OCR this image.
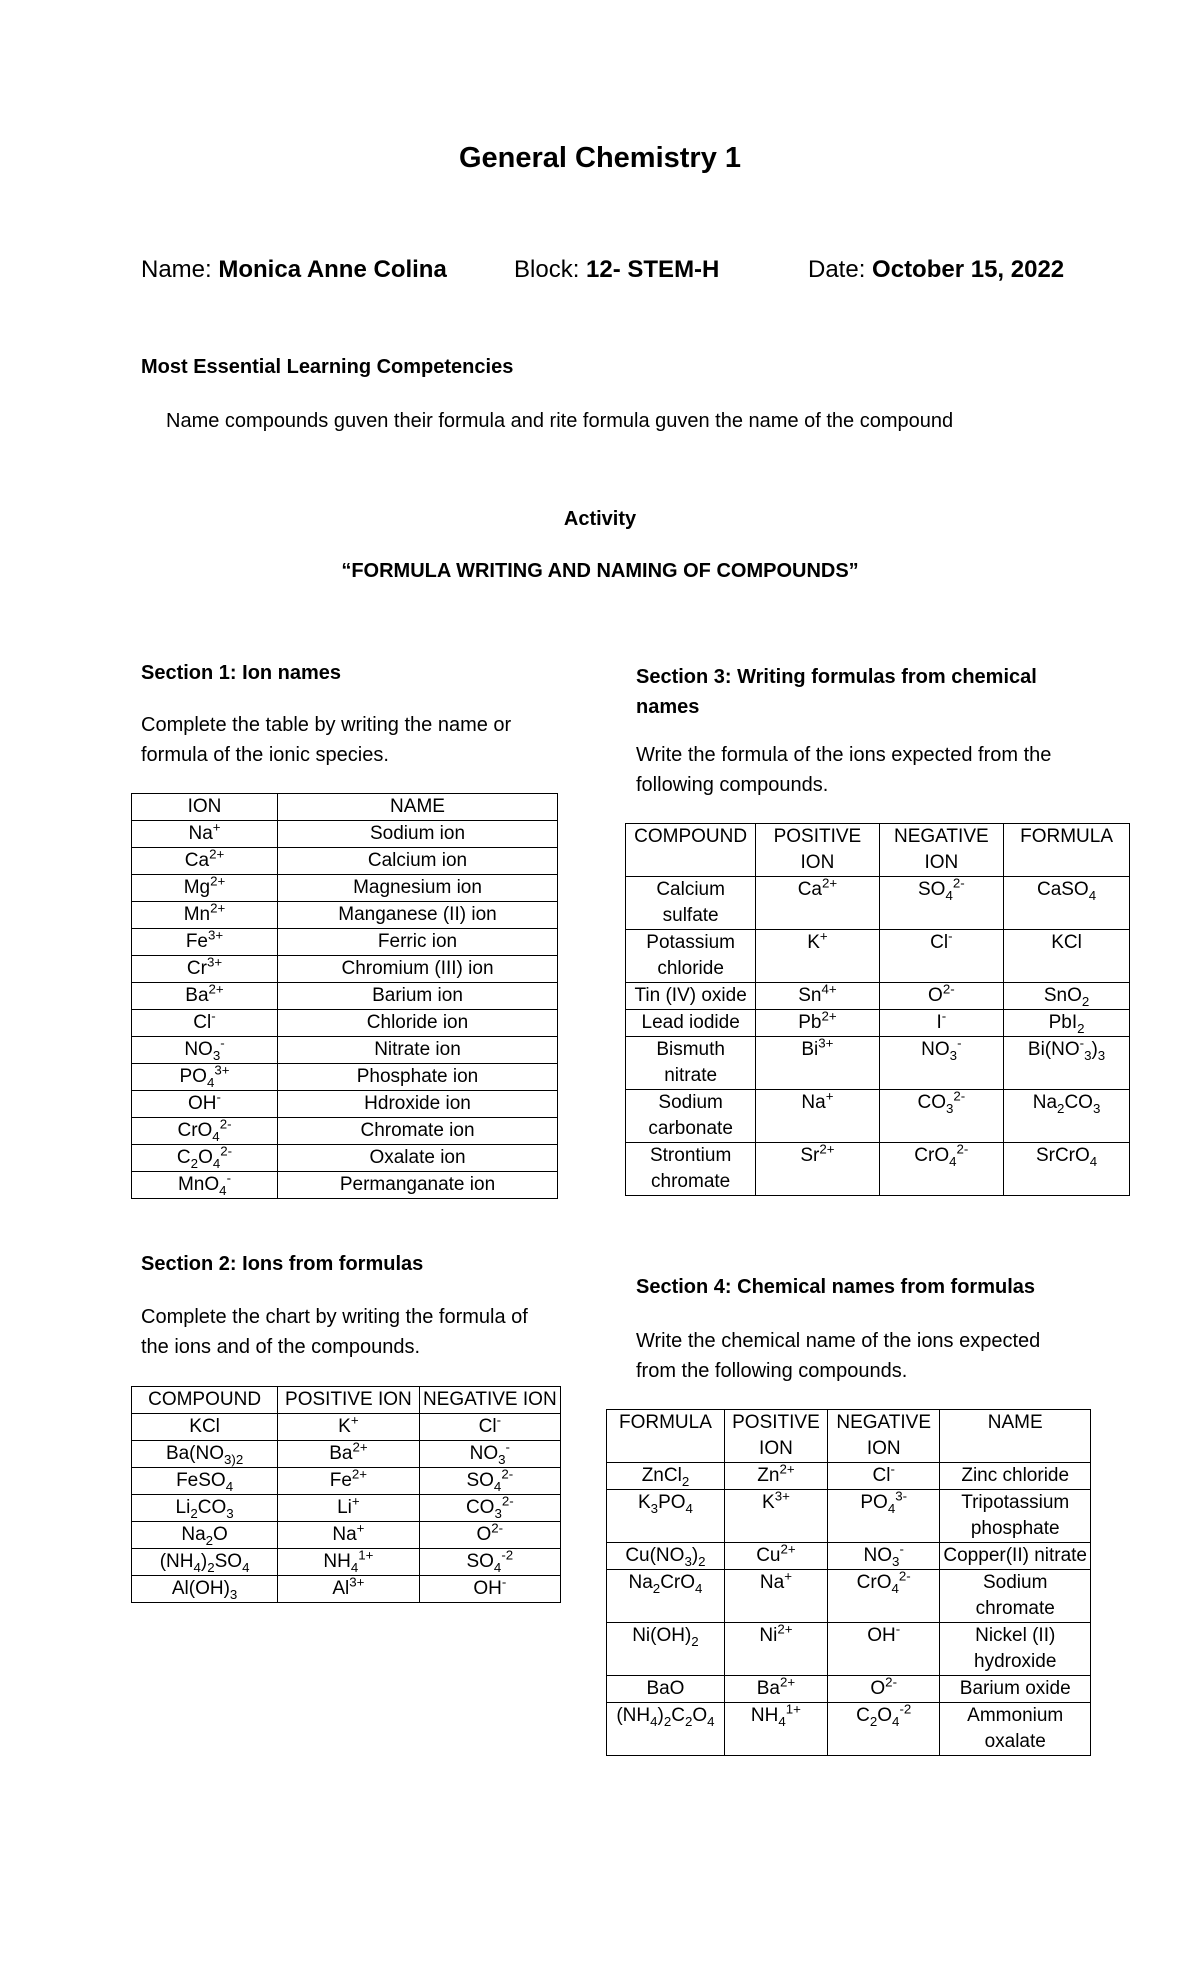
General Chemistry 1
Name: Monica Anne Colina	Block: 12- STEM-H	Date: October 15, 2022
Most Essential Learning Competencies
Name compounds guven their formula and rite formula guven the name of the compound
Activity
“FORMULA WRITING AND NAMING OF COMPOUNDS”
Section 1: Ion names
Complete the table by writing the name or formula of the ionic species.
ION	NAME
Na+	Sodium ion
$Ca^{2+}$	Calcium ion
$Mg^{2+}$	Magnesium ion
$Mn^{2+}$	Manganese (II) ion
$Fe^{3+}$	Ferric ion
$Cr^{3+}$	Chromium (III) ion
$Ba^{2+}$	Barium ion
Cl-	Chloride ion
$NO_3^-$	Nitrate ion
$PO_4^{3+}$	Phosphate ion
OH-	Hdroxide ion
CrO$_4^{2-}$	Chromate ion
$C_2O_4^{2-}$	Oxalate ion
MnO$_4$-	Permanganate ion
Section 2: Ions from formulas
Complete the chart by writing the formula of the ions and of the compounds.
COMPOUND	POSITIVE ION	NEGATIVE ION
KCl	K+	Cl-
$Ba(NO_{3)2}$	$Ba^{2+}$	$NO_3^-$
FeSO$_4$	$Fe^{2+}$	$SO_4^{2-}$
$Li_2CO_3$	Li+	$CO_3^{2-}$
$Na_2O$	Na+	$O^{2-}$
$(NH_4)_2SO_4$	$NH_4^{1+}$	$SO_4^{-2}$
$Al(OH)_3$	$Al^{3+}$	OH-
Section 3: Writing formulas from chemical names
Write the formula of the ions expected from the following compounds.
COMPOUND	POSITIVE ION	NEGATIVE ION	FORMULA
Calcium sulfate	$Ca^{2+}$	$SO_4^{2-}$	CaSO$_4$
Potassium chloride	K+	Cl-	KCl
Tin (IV) oxide	$Sn^{4+}$	$O^{2-}$	SnO$_2$
Lead iodide	$Pb^{2+}$	I-	PbI$_2$
Bismuth nitrate	$Bi^{3+}$	$NO_3^-$	$Bi(NO^-_3)_3$
Sodium carbonate	Na+	$CO_3^{2-}$	$Na_2CO_3$
Strontium chromate	$Sr^{2+}$	CrO$_4^{2-}$	SrCrO$_4$
Section 4: Chemical names from formulas
Write the chemical name of the ions expected from the following compounds.
FORMULA	POSITIVE ION	NEGATIVE ION	NAME
ZnCl$_2$	$Zn^{2+}$	Cl-	Zinc chloride
$K_3PO_4$	$K^{3+}$	$PO_4^{3-}$	Tripotassium phosphate
$Cu(NO_3)_2$	$Cu^{2+}$	$NO_3^-$	Copper(II) nitrate
$Na_2CrO_4$	Na+	CrO$_4^{2-}$	Sodium chromate
$Ni(OH)_2$	$Ni^{2+}$	OH-	Nickel (II) hydroxide
BaO	$Ba^{2+}$	$O^{2-}$	Barium oxide
$(NH_4)_2C_2O_4$	$NH_4^{1+}$	$C_2O_4^{-2}$	Ammonium oxalate
